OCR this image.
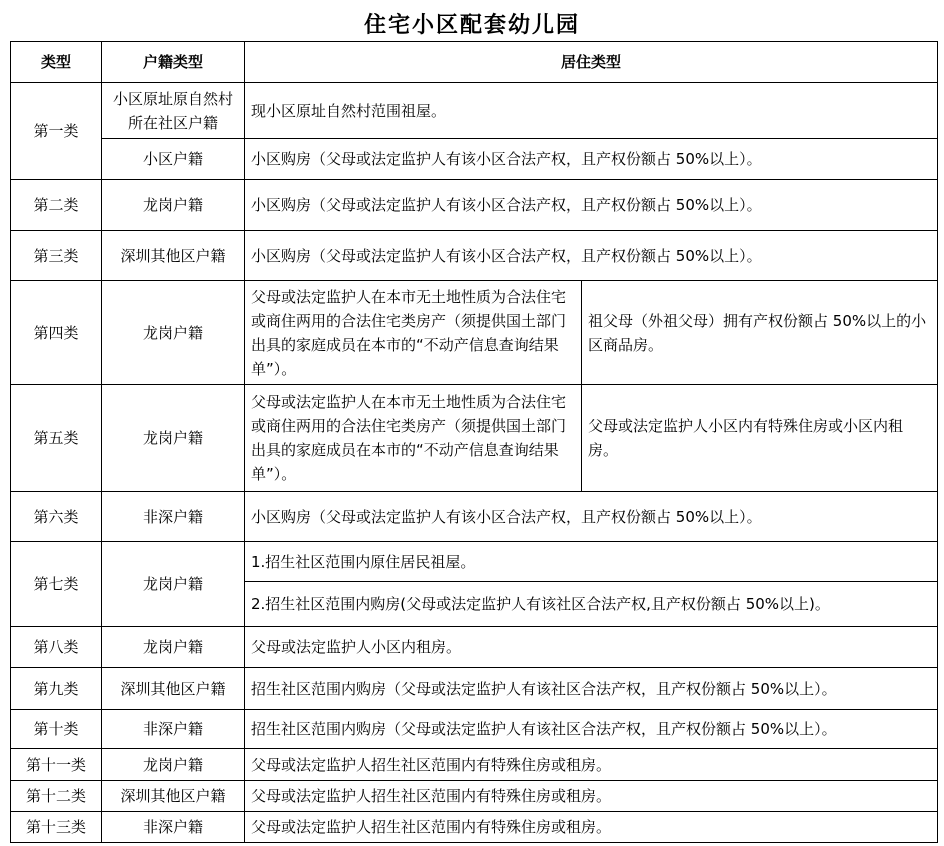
住宅小区配套幼儿园
类型	户籍类型	居住类型	
第一类	小区原址原自然村所在社区户籍	现小区原址自然村范围祖屋。	
	小区户籍	小区购房（父母或法定监护人有该小区合法产权，且产权份额占 50%以上）。	
第二类	龙岗户籍	小区购房（父母或法定监护人有该小区合法产权，且产权份额占 50%以上）。	
第三类	深圳其他区户籍	小区购房（父母或法定监护人有该小区合法产权，且产权份额占 50%以上）。	
第四类	龙岗户籍	父母或法定监护人在本市无土地性质为合法住宅或商住两用的合法住宅类房产（须提供国土部门出具的家庭成员在本市的“不动产信息查询结果单”）。	祖父母（外祖父母）拥有产权份额占 50%以上的小区商品房。
第五类	龙岗户籍	父母或法定监护人在本市无土地性质为合法住宅或商住两用的合法住宅类房产（须提供国土部门出具的家庭成员在本市的“不动产信息查询结果单”）。	父母或法定监护人小区内有特殊住房或小区内租房。
第六类	非深户籍	小区购房（父母或法定监护人有该小区合法产权，且产权份额占 50%以上）。	
第七类	龙岗户籍	1.招生社区范围内原住居民祖屋。	
		2.招生社区范围内购房(父母或法定监护人有该社区合法产权,且产权份额占 50%以上)。	
第八类	龙岗户籍	父母或法定监护人小区内租房。	
第九类	深圳其他区户籍	招生社区范围内购房（父母或法定监护人有该社区合法产权，且产权份额占 50%以上）。	
第十类	非深户籍	招生社区范围内购房（父母或法定监护人有该社区合法产权，且产权份额占 50%以上）。	
第十一类	龙岗户籍	父母或法定监护人招生社区范围内有特殊住房或租房。	
第十二类	深圳其他区户籍	父母或法定监护人招生社区范围内有特殊住房或租房。	
第十三类	非深户籍	父母或法定监护人招生社区范围内有特殊住房或租房。	
